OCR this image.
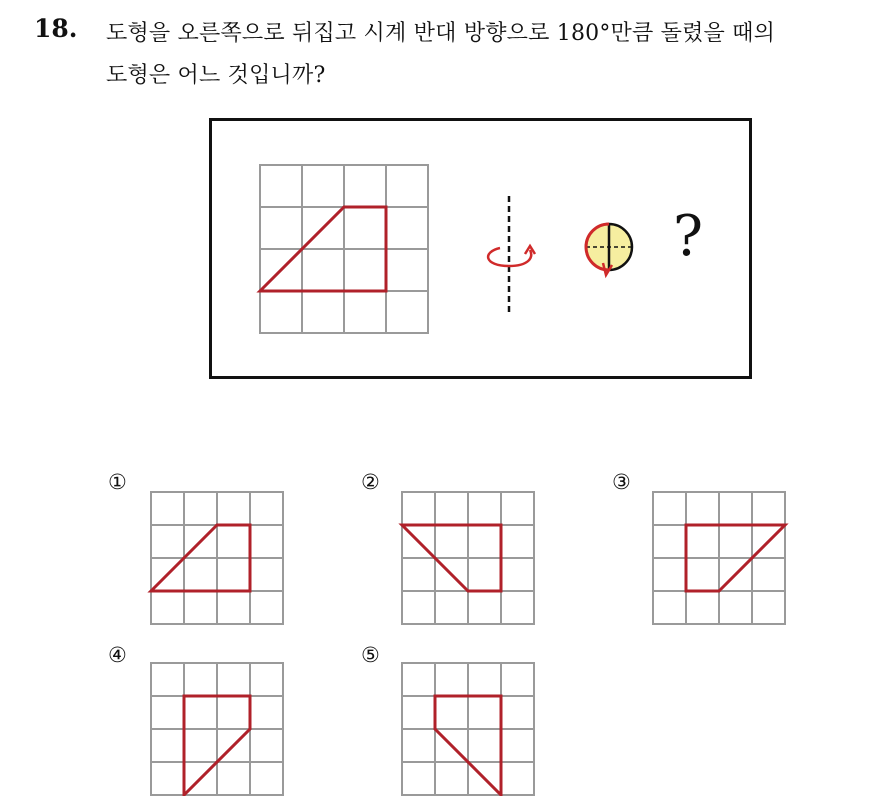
18. 도형을 오른쪽으로 뒤집고 시계 반대 방향으로 180°만큼 돌렸을 때의
도형은 어느 것입니까?
?
①	②	③
④	⑤
